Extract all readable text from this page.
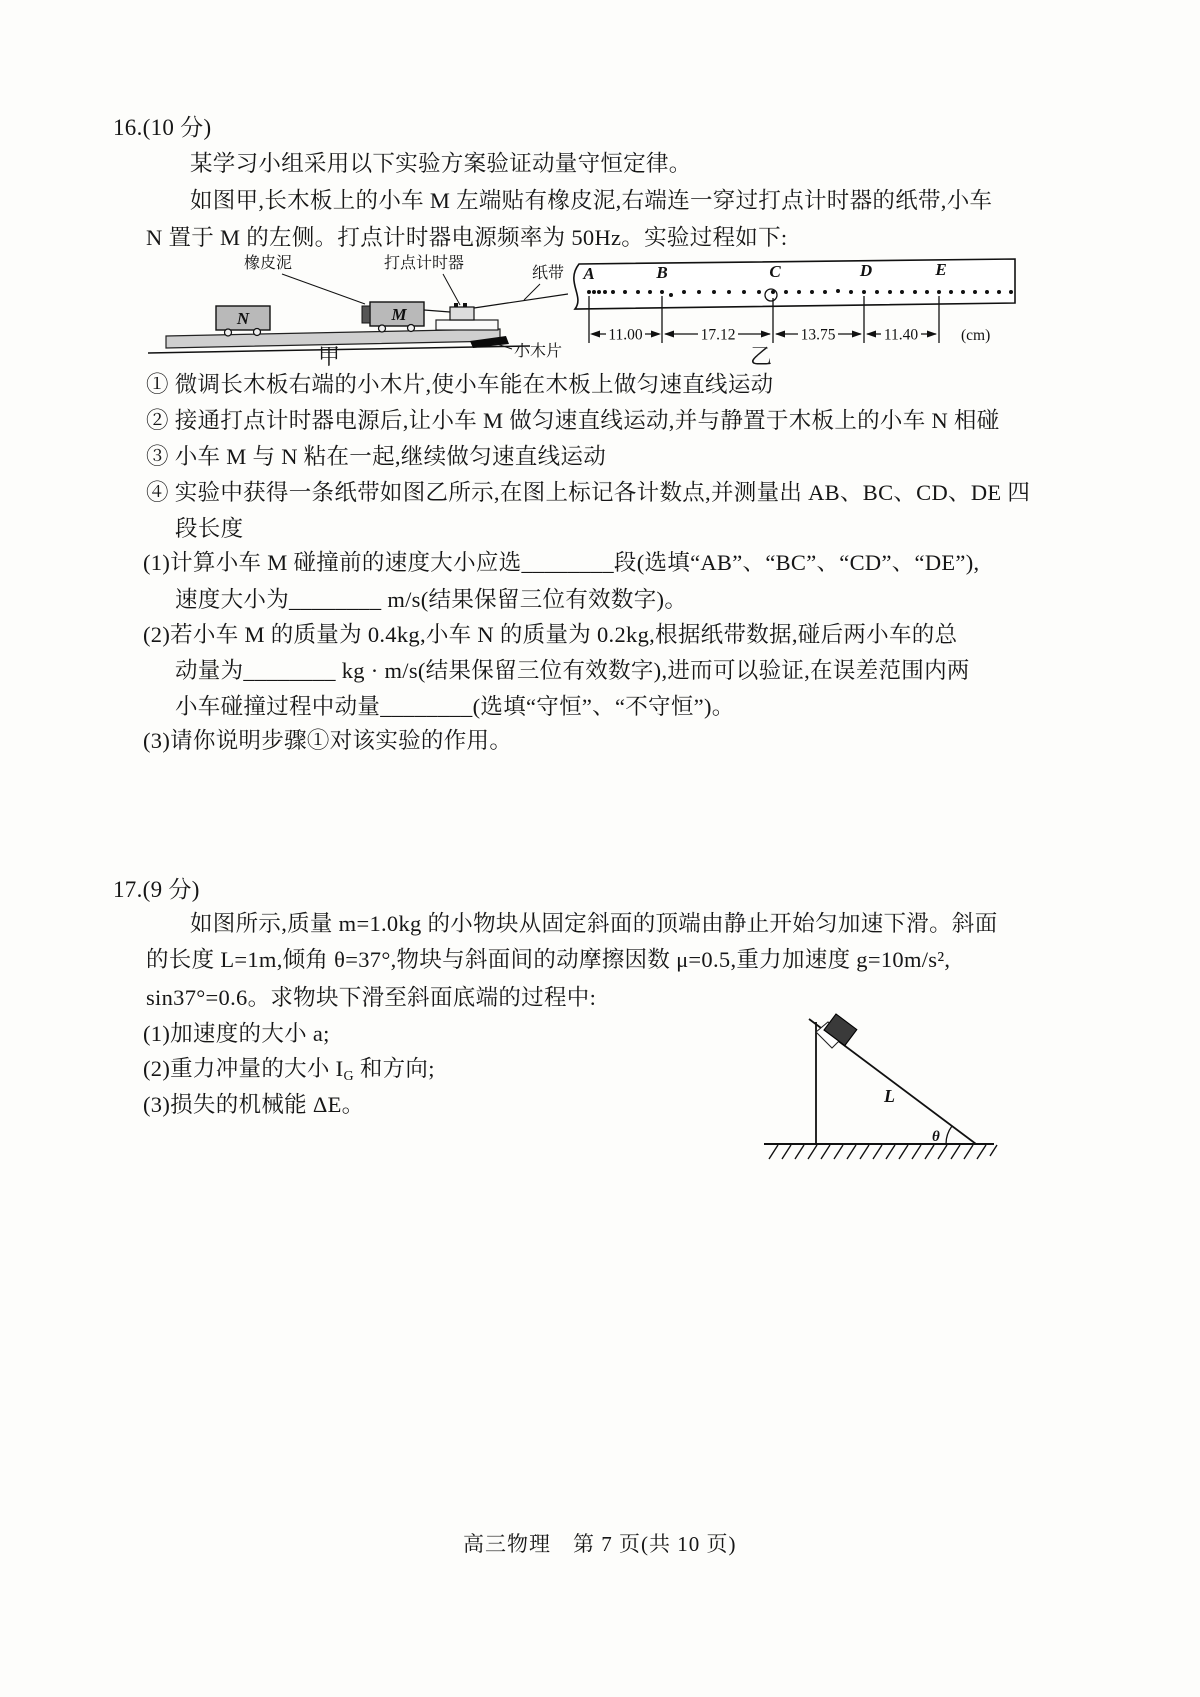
16.(10 分)
某学习小组采用以下实验方案验证动量守恒定律。
如图甲,长木板上的小车 M 左端贴有橡皮泥,右端连一穿过打点计时器的纸带,小车
N 置于 M 的左侧。打点计时器电源频率为 50Hz。实验过程如下:
N	M
橡皮泥	打点计时器
纸带
小木片
A	B	C	D	E
11.00	17.12	13.75	11.40	(cm)
甲	乙
① 微调长木板右端的小木片,使小车能在木板上做匀速直线运动
② 接通打点计时器电源后,让小车 M 做匀速直线运动,并与静置于木板上的小车 N 相碰
③ 小车 M 与 N 粘在一起,继续做匀速直线运动
④ 实验中获得一条纸带如图乙所示,在图上标记各计数点,并测量出 AB、BC、CD、DE 四
段长度
(1)计算小车 M 碰撞前的速度大小应选________段(选填“AB”、“BC”、“CD”、“DE”),
速度大小为________ m/s(结果保留三位有效数字)。
(2)若小车 M 的质量为 0.4kg,小车 N 的质量为 0.2kg,根据纸带数据,碰后两小车的总
动量为________ kg · m/s(结果保留三位有效数字),进而可以验证,在误差范围内两
小车碰撞过程中动量________(选填“守恒”、“不守恒”)。
(3)请你说明步骤①对该实验的作用。
17.(9 分)
如图所示,质量 m=1.0kg 的小物块从固定斜面的顶端由静止开始匀加速下滑。斜面
的长度 L=1m,倾角 θ=37°,物块与斜面间的动摩擦因数 μ=0.5,重力加速度 g=10m/s²,
sin37°=0.6。求物块下滑至斜面底端的过程中:
(1)加速度的大小 a;
(2)重力冲量的大小 $I_G$ 和方向;
(3)损失的机械能 ΔE。
θ
L
高三物理　第 7 页(共 10 页)
